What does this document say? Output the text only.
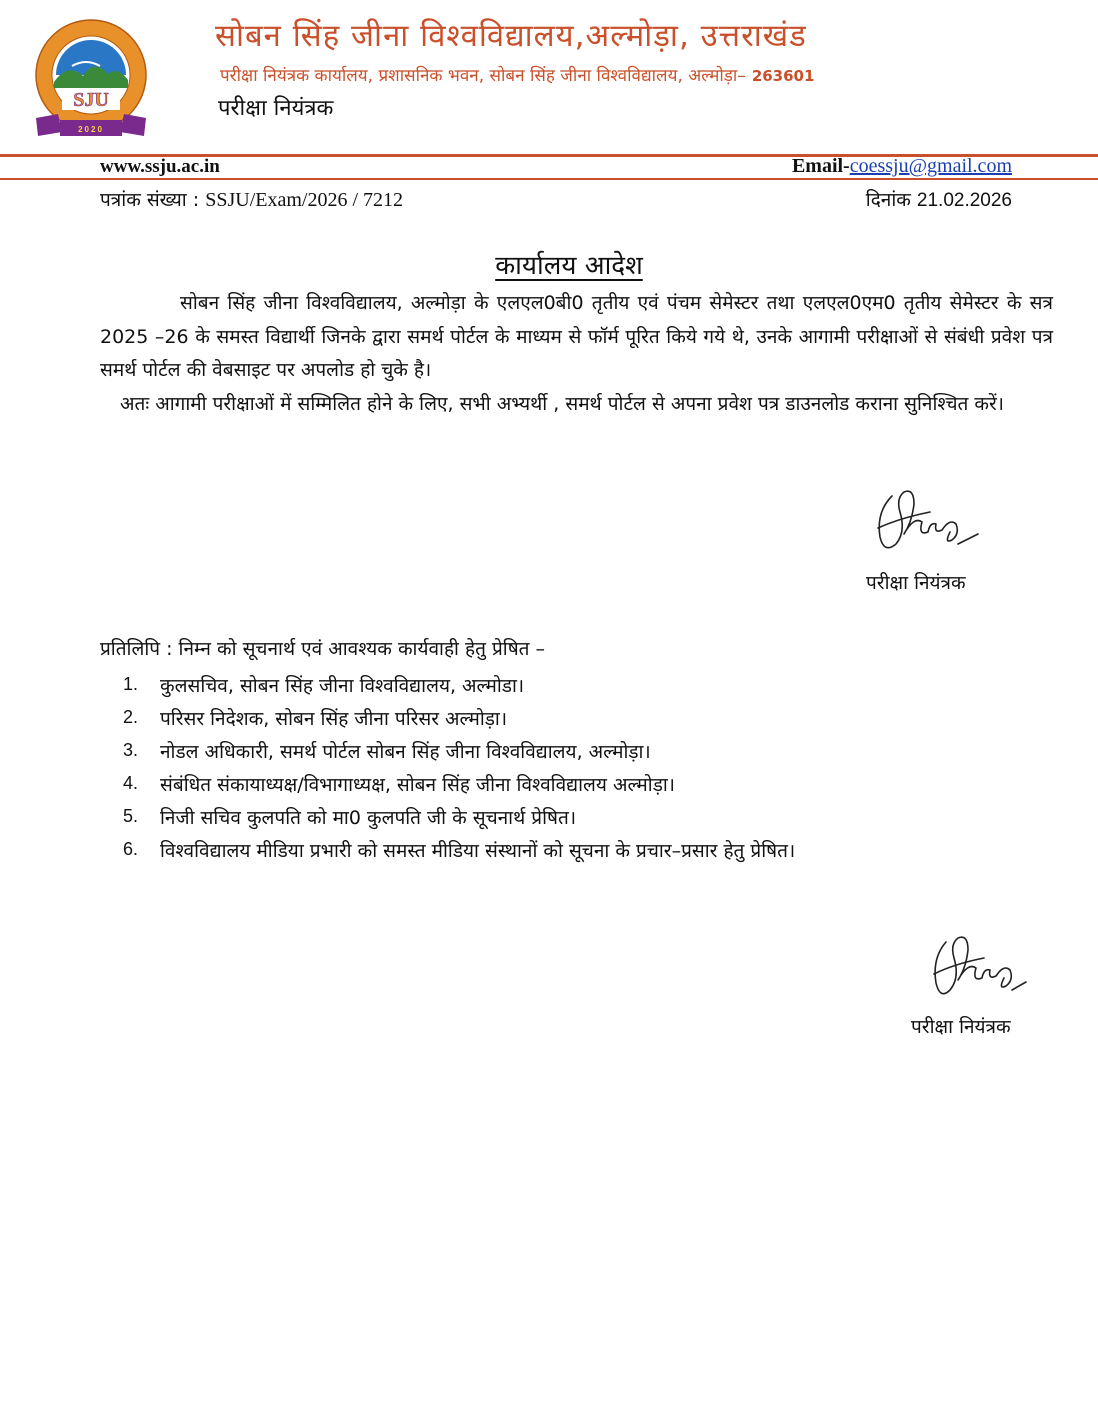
SJU
2020
सोबन सिंह जीना विश्वविद्यालय,अल्मोड़ा, उत्तराखंड
परीक्षा नियंत्रक कार्यालय, प्रशासनिक भवन, सोबन सिंह जीना विश्वविद्यालय, अल्मोड़ा– 263601
परीक्षा नियंत्रक
www.ssju.ac.in	Email-coessju@gmail.com
पत्रांक संख्या : SSJU/Exam/2026 / 7212	दिनांक 21.02.2026
कार्यालय आदेश

सोबन सिंह जीना विश्वविद्यालय, अल्मोड़ा के एलएल0बी0 तृतीय एवं पंचम सेमेस्टर तथा एलएल0एम0 तृतीय सेमेस्टर के सत्र 2025 –26 के समस्त विद्यार्थी जिनके द्वारा समर्थ पोर्टल के माध्यम से फॉर्म पूरित किये गये थे, उनके आगामी परीक्षाओं से संबंधी प्रवेश पत्र समर्थ पोर्टल की वेबसाइट पर अपलोड हो चुके है।

अतः आगामी परीक्षाओं में सम्मिलित होने के लिए, सभी अभ्यर्थी , समर्थ पोर्टल से अपना प्रवेश पत्र डाउनलोड कराना सुनिश्चित करें।

परीक्षा नियंत्रक
प्रतिलिपि : निम्न को सूचनार्थ एवं आवश्यक कार्यवाही हेतु प्रेषित –
1.	कुलसचिव, सोबन सिंह जीना विश्वविद्यालय, अल्मोडा।
2.	परिसर निदेशक, सोबन सिंह जीना परिसर अल्मोड़ा।
3.	नोडल अधिकारी, समर्थ पोर्टल सोबन सिंह जीना विश्वविद्यालय, अल्मोड़ा।
4.	संबंधित संकायाध्यक्ष/विभागाध्यक्ष, सोबन सिंह जीना विश्वविद्यालय अल्मोड़ा।
5.	निजी सचिव कुलपति को मा0 कुलपति जी के सूचनार्थ प्रेषित।
6.	विश्वविद्यालय मीडिया प्रभारी को समस्त मीडिया संस्थानों को सूचना के प्रचार–प्रसार हेतु प्रेषित।
परीक्षा नियंत्रक
